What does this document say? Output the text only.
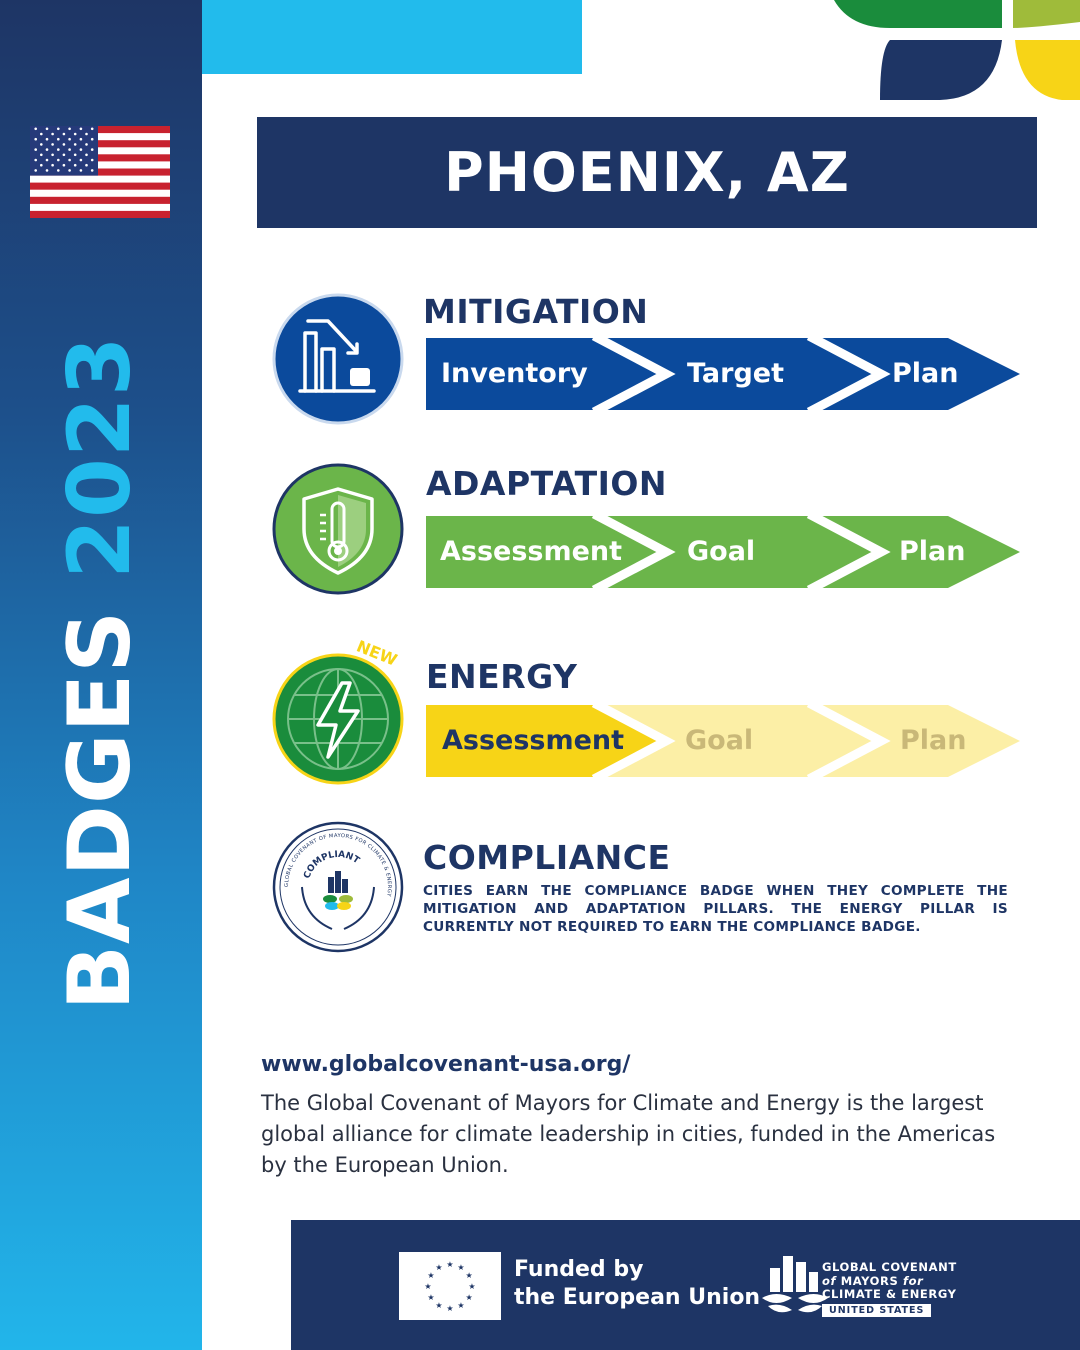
BADGES 2023
PHOENIX, AZ
MITIGATION
Inventory	Target	Plan
ADAPTATION
Assessment Goal	Plan
NEW
ENERGY
Assessment Goal	Plan
GLOBAL COVENANT OF MAYORS FOR CLIMATE & ENERGY
COMPLIANT COMPLIANCE
CITIES EARN THE COMPLIANCE BADGE WHEN THEY COMPLETE THE MITIGATION AND ADAPTATION PILLARS. THE ENERGY PILLAR IS CURRENTLY NOT REQUIRED TO EARN THE COMPLIANCE BADGE.
www.globalcovenant-usa.org/
The Global Covenant of Mayors for Climate and Energy is the largest global alliance for climate leadership in cities, funded in the Americas by the European Union.
★ ★
★
★
★
★
★
★
★
★
★
★	Funded by
the European Union
GLOBAL COVENANT
of MAYORS for
CLIMATE & ENERGY
UNITED STATES
